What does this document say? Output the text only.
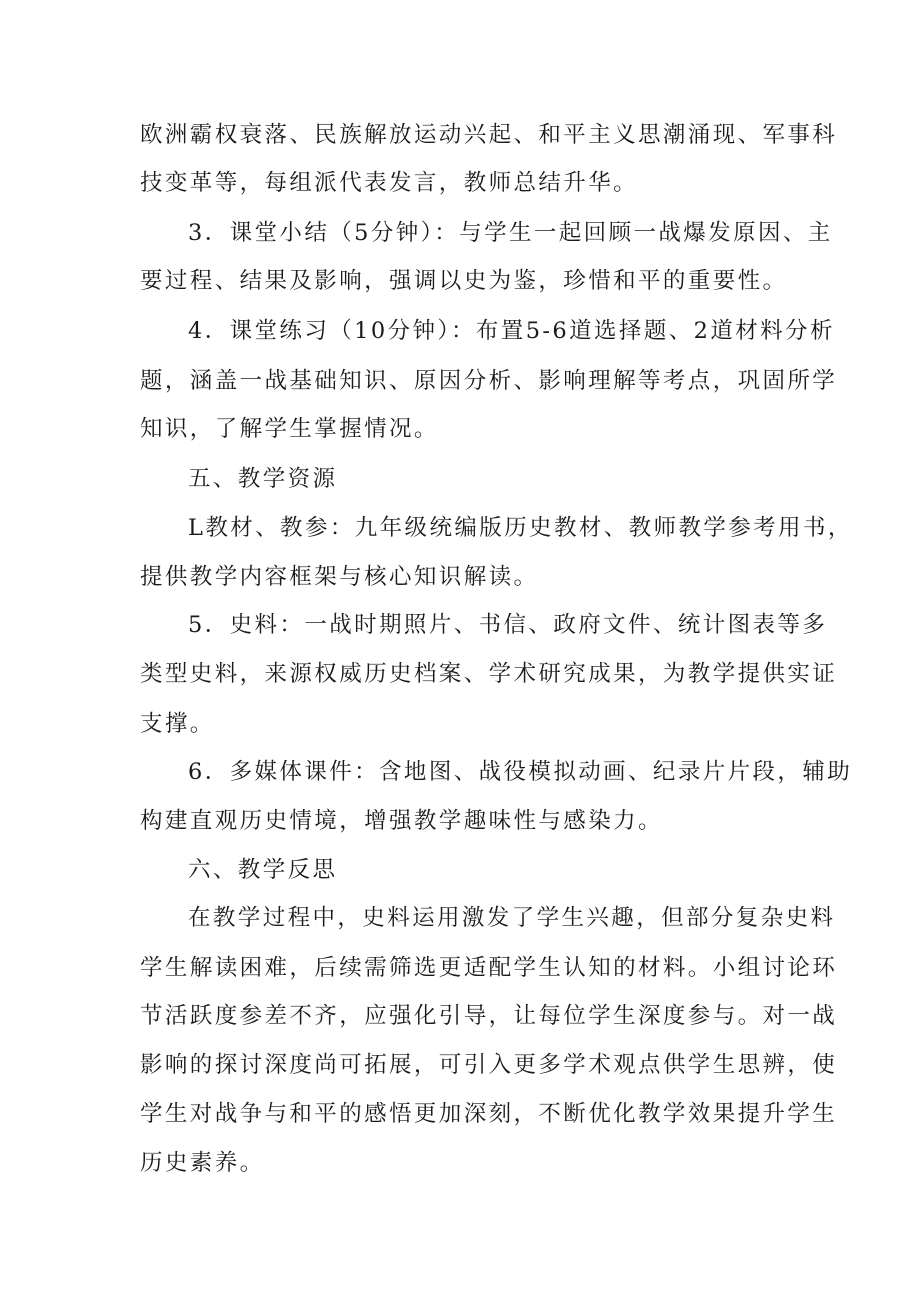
欧洲霸权衰落、民族解放运动兴起、和平主义思潮涌现、军事科
技变革等，每组派代表发言，教师总结升华。
3．课堂小结（5分钟）：与学生一起回顾一战爆发原因、主
要过程、结果及影响，强调以史为鉴，珍惜和平的重要性。
4．课堂练习（10分钟）：布置5-6道选择题、2道材料分析
题，涵盖一战基础知识、原因分析、影响理解等考点，巩固所学
知识，了解学生掌握情况。
五、教学资源
L教材、教参：九年级统编版历史教材、教师教学参考用书，
提供教学内容框架与核心知识解读。
5．史料：一战时期照片、书信、政府文件、统计图表等多
类型史料，来源权威历史档案、学术研究成果，为教学提供实证
支撑。
6．多媒体课件：含地图、战役模拟动画、纪录片片段，辅助
构建直观历史情境，增强教学趣味性与感染力。
六、教学反思
在教学过程中，史料运用激发了学生兴趣，但部分复杂史料
学生解读困难，后续需筛选更适配学生认知的材料。小组讨论环
节活跃度参差不齐，应强化引导，让每位学生深度参与。对一战
影响的探讨深度尚可拓展，可引入更多学术观点供学生思辨，使
学生对战争与和平的感悟更加深刻，不断优化教学效果提升学生
历史素养。
